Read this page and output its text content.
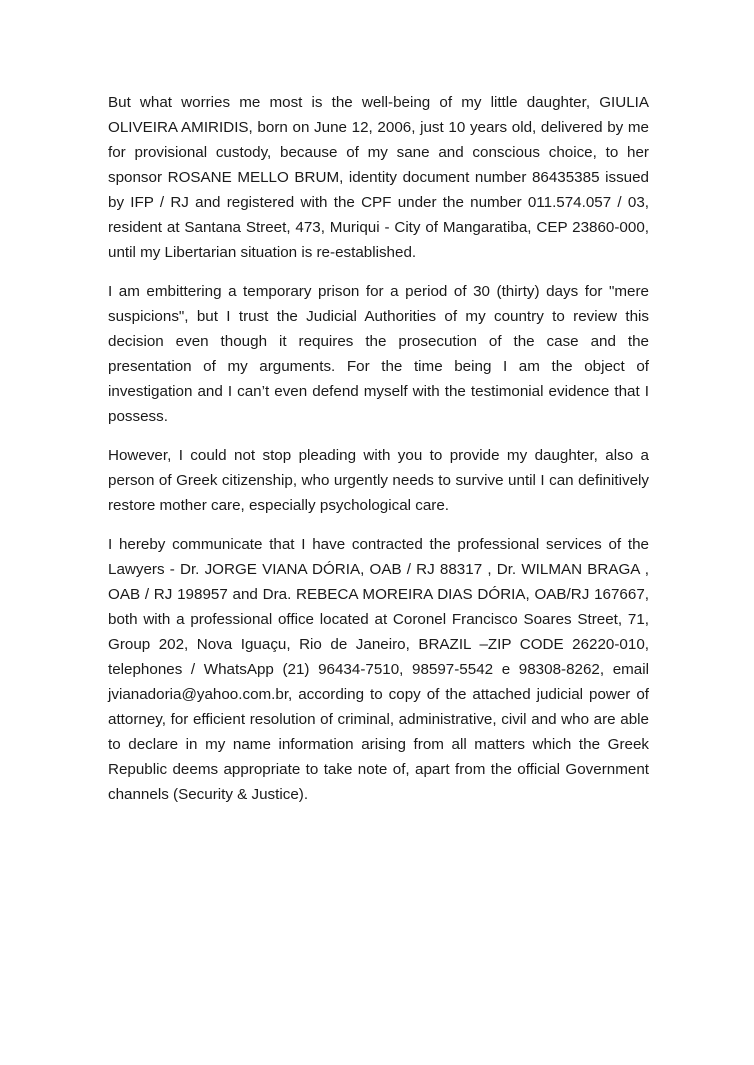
But what worries me most is the well-being of my little daughter, GIULIA OLIVEIRA AMIRIDIS, born on June 12, 2006, just 10 years old, delivered by me for provisional custody, because of my sane and conscious choice, to her sponsor ROSANE MELLO BRUM, identity document number 86435385 issued by IFP / RJ and registered with the CPF under the number 011.574.057 / 03, resident at Santana Street, 473, Muriqui - City of Mangaratiba, CEP 23860-000, until my Libertarian situation is re-established.

I am embittering a temporary prison for a period of 30 (thirty) days for "mere suspicions", but I trust the Judicial Authorities of my country to review this decision even though it requires the prosecution of the case and the presentation of my arguments. For the time being I am the object of investigation and I can’t even defend myself with the testimonial evidence that I possess.

However, I could not stop pleading with you to provide my daughter, also a person of Greek citizenship, who urgently needs to survive until I can definitively restore mother care, especially psychological care.

I hereby communicate that I have contracted the professional services of the Lawyers - Dr. JORGE VIANA DÓRIA, OAB / RJ 88317 , Dr. WILMAN BRAGA , OAB / RJ 198957 and Dra. REBECA MOREIRA DIAS DÓRIA, OAB/RJ 167667, both with a professional office located at Coronel Francisco Soares Street, 71, Group 202, Nova Iguaçu, Rio de Janeiro, BRAZIL –ZIP CODE 26220-010, telephones / WhatsApp (21) 96434-7510, 98597-5542 e 98308-8262, email jvianadoria@yahoo.com.br, according to copy of the attached judicial power of attorney, for efficient resolution of criminal, administrative, civil and who are able to declare in my name information arising from all matters which the Greek Republic deems appropriate to take note of, apart from the official Government channels (Security & Justice).
